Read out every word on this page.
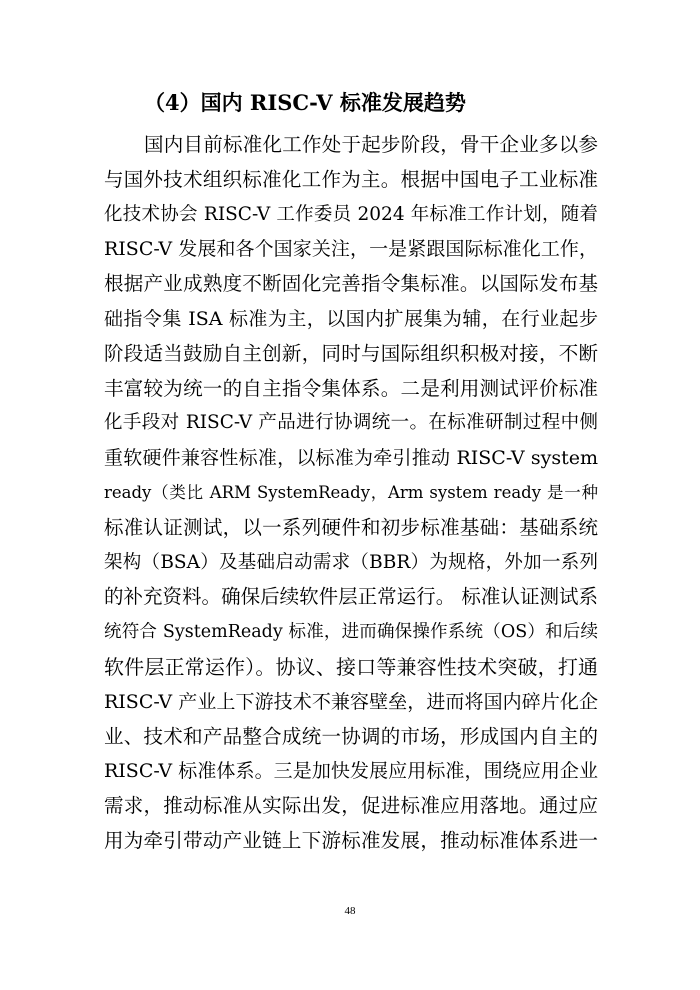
（4）国内 RISC-V 标准发展趋势
国内目前标准化工作处于起步阶段，骨干企业多以参
与国外技术组织标准化工作为主。根据中国电子工业标准
化技术协会 RISC-V 工作委员 2024 年标准工作计划，随着
RISC-V 发展和各个国家关注，一是紧跟国际标准化工作，
根据产业成熟度不断固化完善指令集标准。以国际发布基
础指令集 ISA 标准为主，以国内扩展集为辅，在行业起步
阶段适当鼓励自主创新，同时与国际组织积极对接，不断
丰富较为统一的自主指令集体系。二是利用测试评价标准
化手段对 RISC-V 产品进行协调统一。在标准研制过程中侧
重软硬件兼容性标准，以标准为牵引推动 RISC-V system
ready（类比 ARM SystemReady，Arm system ready 是一种
标准认证测试，以一系列硬件和初步标准基础：基础系统
架构（BSA）及基础启动需求（BBR）为规格，外加一系列
的补充资料。确保后续软件层正常运行。 标准认证测试系
统符合 SystemReady 标准，进而确保操作系统（OS）和后续
软件层正常运作）。协议、接口等兼容性技术突破，打通
RISC-V 产业上下游技术不兼容壁垒，进而将国内碎片化企
业、技术和产品整合成统一协调的市场，形成国内自主的
RISC-V 标准体系。三是加快发展应用标准，围绕应用企业
需求，推动标准从实际出发，促进标准应用落地。通过应
用为牵引带动产业链上下游标准发展，推动标准体系进一
48
